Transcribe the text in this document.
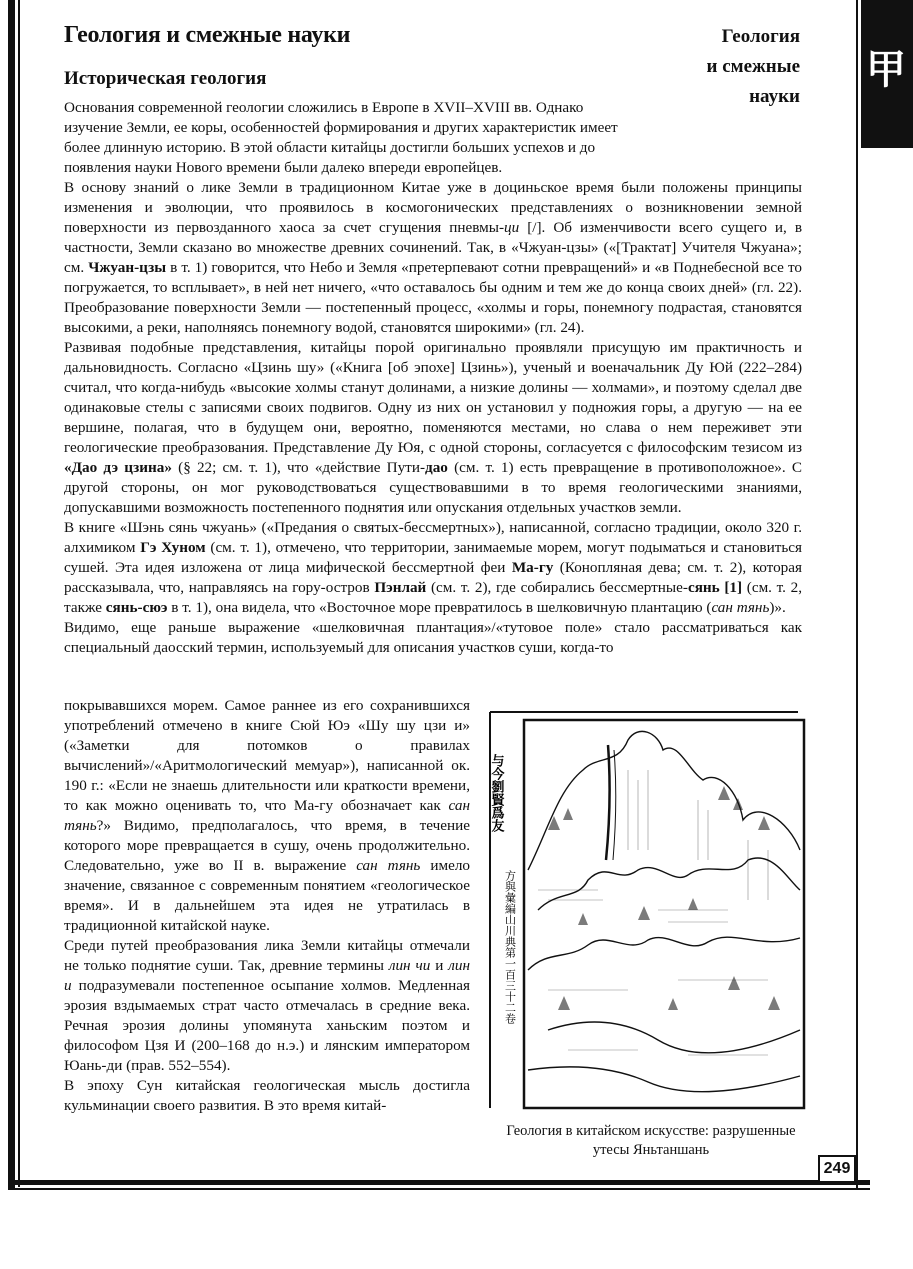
甲
Геология и смежные науки	Геология
и смежные
науки
Историческая геология

Основания современной геологии сложились в Европе в XVII–XVIII вв. Однако изучение Земли, ее коры, особенностей формирования и других характеристик имеет более длинную историю. В этой области китайцы достигли больших успехов и до появления науки Нового времени были далеко впереди европейцев.

В основу знаний о лике Земли в традиционном Китае уже в доциньское время были положены принципы изменения и эволюции, что проявилось в космогонических представлениях о возникновении земной поверхности из первозданного хаоса за счет сгущения пневмы-ци [/]. Об изменчивости всего сущего и, в частности, Земли сказано во множестве древних сочинений. Так, в «Чжуан-цзы» («[Трактат] Учителя Чжуана»; см. Чжуан-цзы в т. 1) говорится, что Небо и Земля «претерпевают сотни превращений» и «в Поднебесной все то погружается, то всплывает», в ней нет ничего, «что оставалось бы одним и тем же до конца своих дней» (гл. 22). Преобразование поверхности Земли — постепенный процесс, «холмы и горы, понемногу подрастая, становятся высокими, а реки, наполняясь понемногу водой, становятся широкими» (гл. 24).

Развивая подобные представления, китайцы порой оригинально проявляли присущую им практичность и дальновидность. Согласно «Цзинь шу» («Книга [об эпохе] Цзинь»), ученый и военачальник Ду Юй (222–284) считал, что когда-нибудь «высокие холмы станут долинами, а низкие долины — холмами», и поэтому сделал две одинаковые стелы с записями своих подвигов. Одну из них он установил у подножия горы, а другую — на ее вершине, полагая, что в будущем они, вероятно, поменяются местами, но слава о нем переживет эти геологические преобразования. Представление Ду Юя, с одной стороны, согласуется с философским тезисом из «Дао дэ цзина» (§ 22; см. т. 1), что «действие Пути-дао (см. т. 1) есть превращение в противоположное». С другой стороны, он мог руководствоваться существовавшими в то время геологическими знаниями, допускавшими возможность постепенного поднятия или опускания отдельных участков земли.

В книге «Шэнь сянь чжуань» («Предания о святых-бессмертных»), написанной, согласно традиции, около 320 г. алхимиком Гэ Хуном (см. т. 1), отмечено, что территории, занимаемые морем, могут подыматься и становиться сушей. Эта идея изложена от лица мифической бессмертной феи Ма-гу (Конопляная дева; см. т. 2), которая рассказывала, что, направляясь на гору-остров Пэнлай (см. т. 2), где собирались бессмертные-сянь [1] (см. т. 2, также сянь-сюэ в т. 1), она видела, что «Восточное море превратилось в шелковичную плантацию (сан тянь)».

Видимо, еще раньше выражение «шелковичная плантация»/«тутовое поле» стало рассматриваться как специальный даосский термин, используемый для описания участков суши, когда-то

покрывавшихся морем. Самое раннее из его сохранившихся употреблений отмечено в книге Сюй Юэ «Шу шу цзи и» («Заметки для потомков о правилах вычислений»/«Аритмологический мемуар»), написанной ок. 190 г.: «Если не знаешь длительности или краткости времени, то как можно оценивать то, что Ма-гу обозначает как сан тянь?» Видимо, предполагалось, что время, в течение которого море превращается в сушу, очень продолжительно. Следовательно, уже во II в. выражение сан тянь имело значение, связанное с современным понятием «геологическое время». И в дальнейшем эта идея не утратилась в традиционной китайской науке.

Среди путей преобразования лика Земли китайцы отмечали не только поднятие суши. Так, древние термины лин чи и лин и подразумевали постепенное осыпание холмов. Медленная эрозия вздымаемых страт часто отмечалась в средние века. Речная эрозия долины упомянута ханьским поэтом и философом Цзя И (200–168 до н.э.) и лянским императором Юань-ди (прав. 552–554).

В эпоху Сун китайская геологическая мысль достигла кульминации своего развития. В это время китай-

与今劉賢爲友
方與彙編山川典第一百三十二卷
Геология в китайском искусстве: разрушенные утесы Яньтаншань
249
